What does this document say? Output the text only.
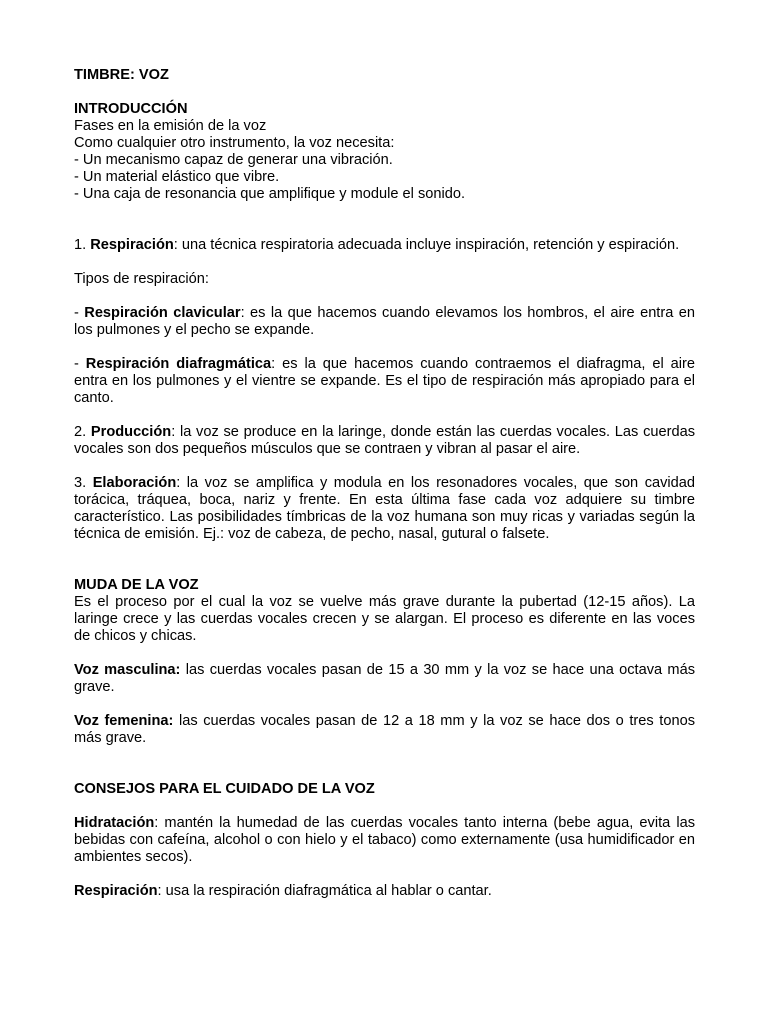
TIMBRE: VOZ

INTRODUCCIÓN

Fases en la emisión de la voz

Como cualquier otro instrumento, la voz necesita:

- Un mecanismo capaz de generar una vibración.

- Un material elástico que vibre.

- Una caja de resonancia que amplifique y module el sonido.

1. Respiración: una técnica respiratoria adecuada incluye inspiración, retención y espiración.

Tipos de respiración:

- Respiración clavicular: es la que hacemos cuando elevamos los hombros, el aire entra en los pulmones y el pecho se expande.

- Respiración diafragmática: es la que hacemos cuando contraemos el diafragma, el aire entra en los pulmones y el vientre se expande. Es el tipo de respiración más apropiado para el canto.

2. Producción: la voz se produce en la laringe, donde están las cuerdas vocales. Las cuerdas vocales son dos pequeños músculos que se contraen y vibran al pasar el aire.

3. Elaboración: la voz se amplifica y modula en los resonadores vocales, que son cavidad torácica, tráquea, boca, nariz y frente. En esta última fase cada voz adquiere su timbre característico. Las posibilidades tímbricas de la voz humana son muy ricas y variadas según la técnica de emisión. Ej.: voz de cabeza, de pecho, nasal, gutural o falsete.

MUDA DE LA VOZ

Es el proceso por el cual la voz se vuelve más grave durante la pubertad (12-15 años). La laringe crece y las cuerdas vocales crecen y se alargan. El proceso es diferente en las voces de chicos y chicas.

Voz masculina: las cuerdas vocales pasan de 15 a 30 mm y la voz se hace una octava más grave.

Voz femenina: las cuerdas vocales pasan de 12 a 18 mm y la voz se hace dos o tres tonos más grave.

CONSEJOS PARA EL CUIDADO DE LA VOZ

Hidratación: mantén la humedad de las cuerdas vocales tanto interna (bebe agua, evita las bebidas con cafeína, alcohol o con hielo y el tabaco) como externamente (usa humidificador en ambientes secos).

Respiración: usa la respiración diafragmática al hablar o cantar.
